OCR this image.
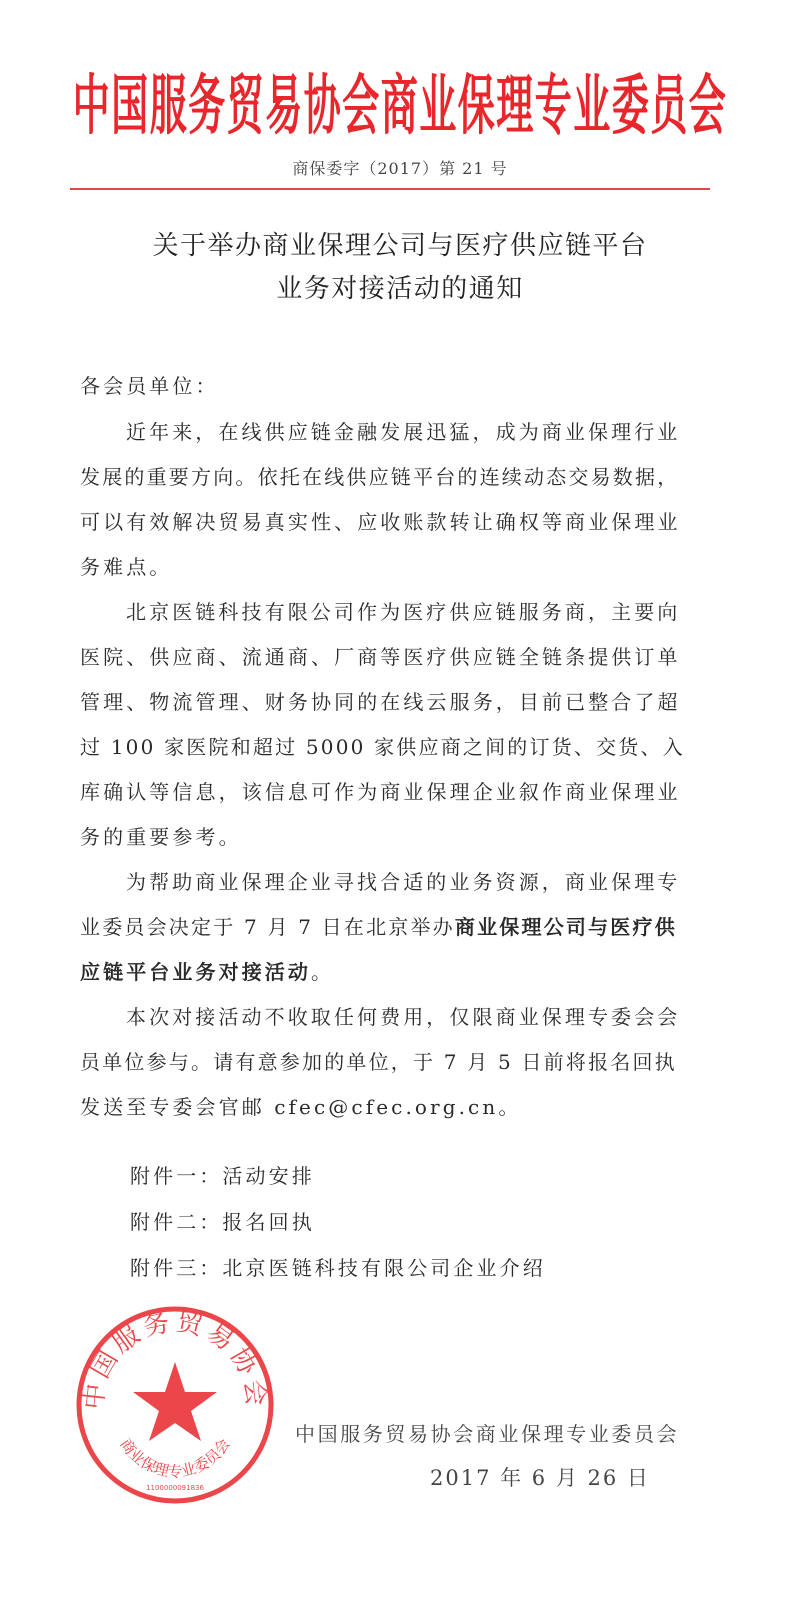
中国服务贸易协会商业保理专业委员会
商保委字（2017）第 21 号
关于举办商业保理公司与医疗供应链平台
业务对接活动的通知
各会员单位：
近年来，在线供应链金融发展迅猛，成为商业保理行业
发展的重要方向。依托在线供应链平台的连续动态交易数据，
可以有效解决贸易真实性、应收账款转让确权等商业保理业
务难点。
北京医链科技有限公司作为医疗供应链服务商，主要向
医院、供应商、流通商、厂商等医疗供应链全链条提供订单
管理、物流管理、财务协同的在线云服务，目前已整合了超
过 100 家医院和超过 5000 家供应商之间的订货、交货、入
库确认等信息，该信息可作为商业保理企业叙作商业保理业
务的重要参考。
为帮助商业保理企业寻找合适的业务资源，商业保理专
业委员会决定于 7 月 7 日在北京举办商业保理公司与医疗供
应链平台业务对接活动。
本次对接活动不收取任何费用，仅限商业保理专委会会
员单位参与。请有意参加的单位，于 7 月 5 日前将报名回执
发送至专委会官邮 cfec@cfec.org.cn。
附件一：活动安排
附件二：报名回执
附件三：北京医链科技有限公司企业介绍
中国服务贸易协会商业保理专业委员会
2017 年 6 月 26 日
中国服务贸易协会
商业保理专业委员会
1100000091836
